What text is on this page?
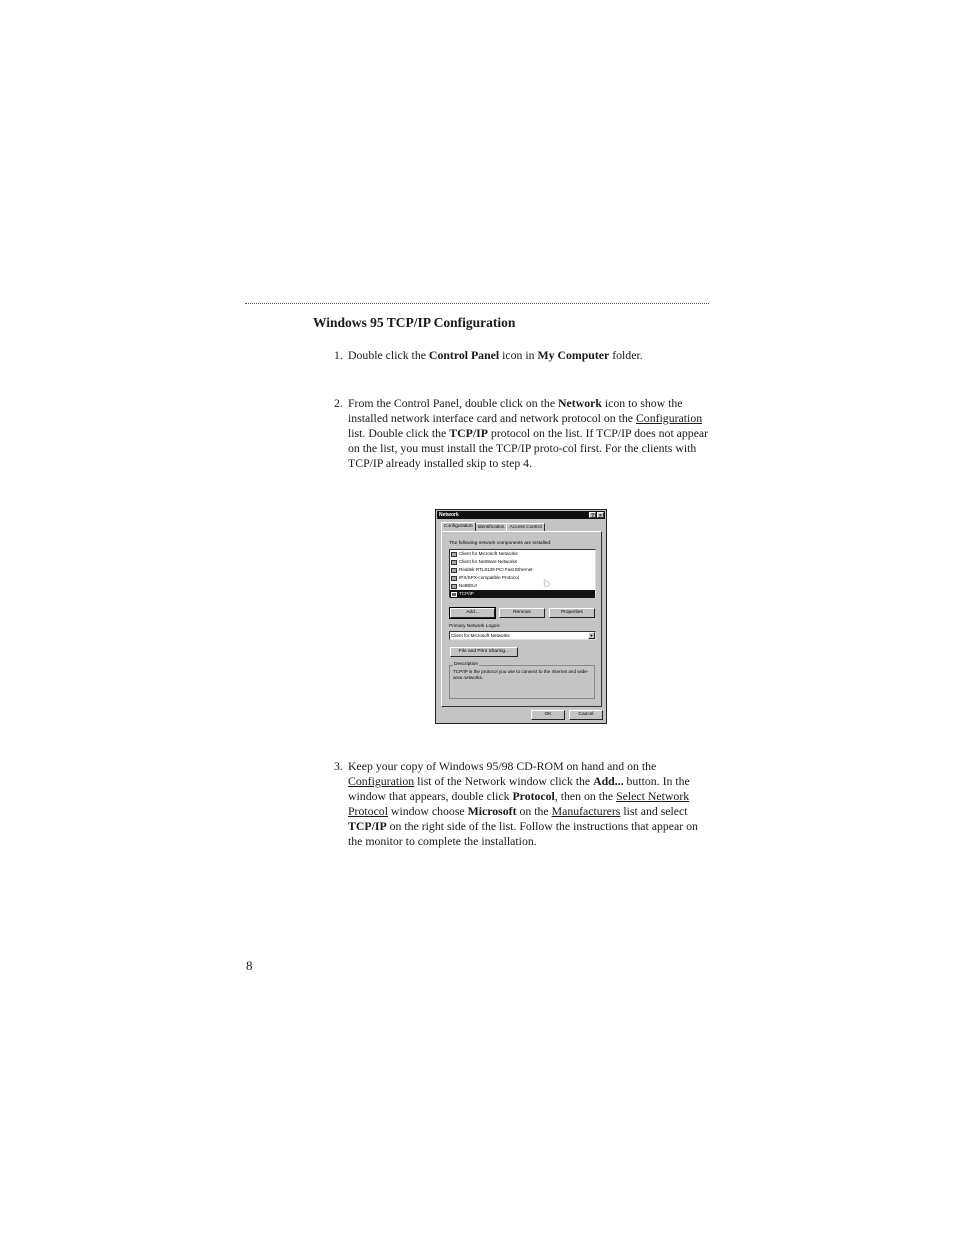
Windows 95 TCP/IP Configuration
1. Double click the Control Panel icon in My Computer folder.
2. From the Control Panel, double click on the Network icon to show the installed network interface card and network protocol on the Configuration list. Double click the TCP/IP protocol on the list. If TCP/IP does not appear on the list, you must install the TCP/IP proto-col first. For the clients with TCP/IP already installed skip to step 4.
Network	?	×
Configuration	Identification	Access Control
The following network components are installed:
Client for Microsoft Networks
Client for NetWare Networks
Realtek RTL8139 PCI Fast Ethernet
IPX/SPX-compatible Protocol
NetBEUI
TCP/IP
Add...	Remove	Properties
Primary Network Logon:
Client for Microsoft Networks	▼
File and Print Sharing...
Description
TCP/IP is the protocol you use to connect to the Internet and wide-area networks.
OK	Cancel
3. Keep your copy of Windows 95/98 CD-ROM on hand and on the Configuration list of the Network window click the Add... button. In the window that appears, double click Protocol, then on the Select Network Protocol window choose Microsoft on the Manufacturers list and select TCP/IP on the right side of the list. Follow the instructions that appear on the monitor to complete the installation.
8
